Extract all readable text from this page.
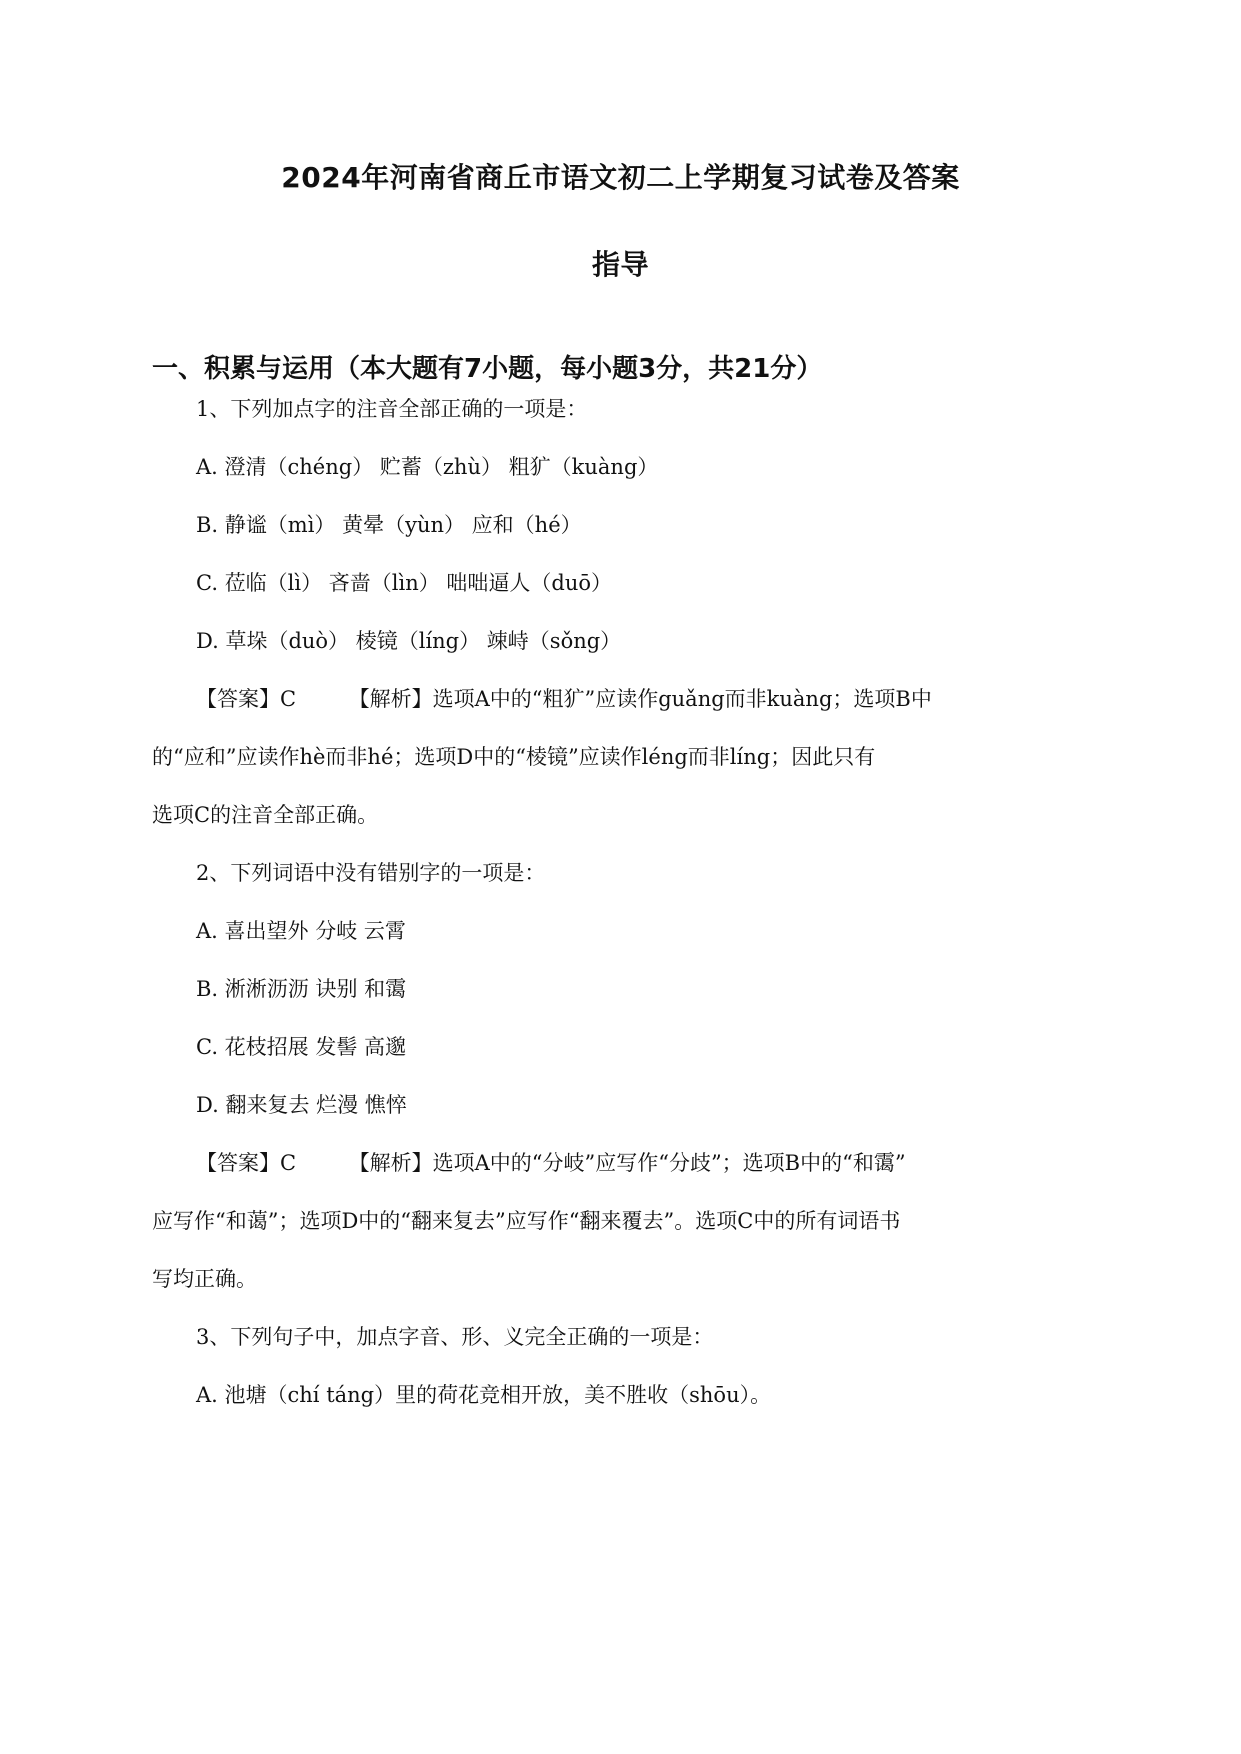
2024年河南省商丘市语文初二上学期复习试卷及答案
指导
一、积累与运用（本大题有7小题，每小题3分，共21分）

1、下列加点字的注音全部正确的一项是：

A. 澄清（chéng） 贮蓄（zhù） 粗犷（kuàng）

B. 静谧（mì） 黄晕（yùn） 应和（hé）

C. 莅临（lì） 吝啬（lìn） 咄咄逼人（duō）

D. 草垛（duò） 棱镜（líng） 竦峙（sǒng）

【答案】C　　　【解析】选项A中的“粗犷”应读作guǎng而非kuàng；选项B中

的“应和”应读作hè而非hé；选项D中的“棱镜”应读作léng而非líng；因此只有

选项C的注音全部正确。

2、下列词语中没有错别字的一项是：

A. 喜出望外 分岐 云霄

B. 淅淅沥沥 诀别 和霭

C. 花枝招展 发髻 高邈

D. 翻来复去 烂漫 憔悴

【答案】C　　　【解析】选项A中的“分岐”应写作“分歧”；选项B中的“和霭”

应写作“和蔼”；选项D中的“翻来复去”应写作“翻来覆去”。选项C中的所有词语书

写均正确。

3、下列句子中，加点字音、形、义完全正确的一项是：

A. 池塘（chí táng）里的荷花竞相开放，美不胜收（shōu）。
